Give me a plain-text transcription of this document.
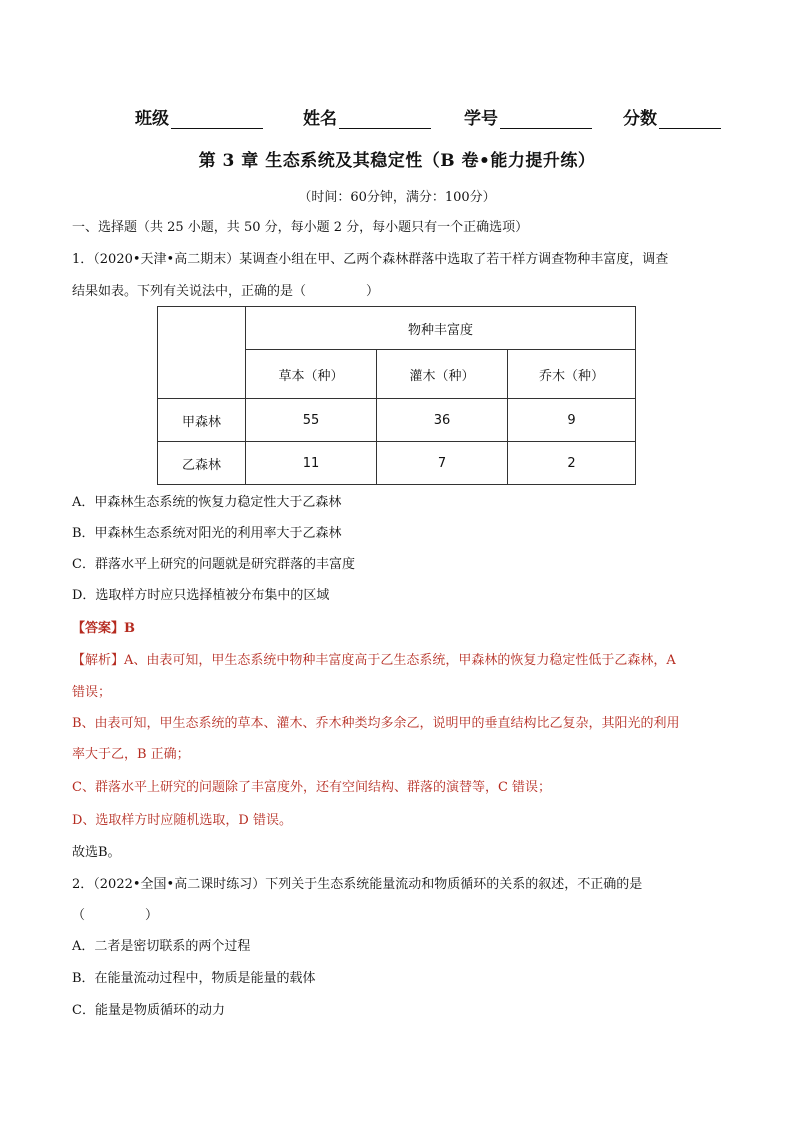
班级	姓名	学号	分数
第 3 章 生态系统及其稳定性（B 卷•能力提升练）
（时间：60分钟，满分：100分）
一、选择题（共 25 小题，共 50 分，每小题 2 分，每小题只有一个正确选项）
1．（2020•天津•高二期末）某调查小组在甲、乙两个森林群落中选取了若干样方调查物种丰富度，调查
结果如表。下列有关说法中，正确的是（	）
	物种丰富度		
	草本（种）	灌木（种）	乔木（种）
甲森林	55	36	9
乙森林	11	7	2
A．甲森林生态系统的恢复力稳定性大于乙森林
B．甲森林生态系统对阳光的利用率大于乙森林
C．群落水平上研究的问题就是研究群落的丰富度
D．选取样方时应只选择植被分布集中的区域
【答案】B
【解析】A、由表可知，甲生态系统中物种丰富度高于乙生态系统，甲森林的恢复力稳定性低于乙森林，A
错误；
B、由表可知，甲生态系统的草本、灌木、乔木种类均多余乙，说明甲的垂直结构比乙复杂，其阳光的利用
率大于乙，B 正确；
C、群落水平上研究的问题除了丰富度外，还有空间结构、群落的演替等，C 错误；
D、选取样方时应随机选取，D 错误。
故选B。
2．（2022•全国•高二课时练习）下列关于生态系统能量流动和物质循环的关系的叙述，不正确的是
（	）
A．二者是密切联系的两个过程
B．在能量流动过程中，物质是能量的载体
C．能量是物质循环的动力
